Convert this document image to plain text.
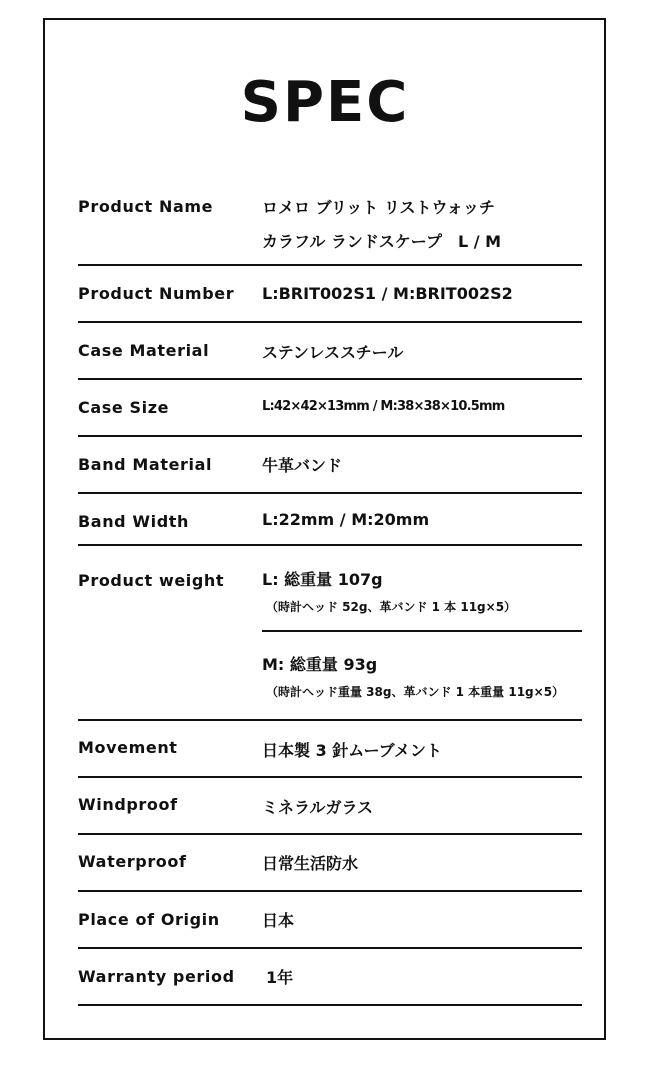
SPEC
Product Name	ロメロ ブリット リストウォッチ
カラフル ランドスケープ　L / M
Product Number L:BRIT002S1 / M:BRIT002S2
Case Material	ステンレススチール
Case Size	L:42×42×13mm / M:38×38×10.5mm
Band Material	牛革バンド
Band Width	L:22mm / M:20mm
Product weight L: 総重量 107g
（時計ヘッド 52g、革バンド 1 本 11g×5）
M: 総重量 93g
（時計ヘッド重量 38g、革バンド 1 本重量 11g×5）
Movement	日本製 3 針ムーブメント
Windproof	ミネラルガラス
Waterproof	日常生活防水
Place of Origin	日本
Warranty period 1年
